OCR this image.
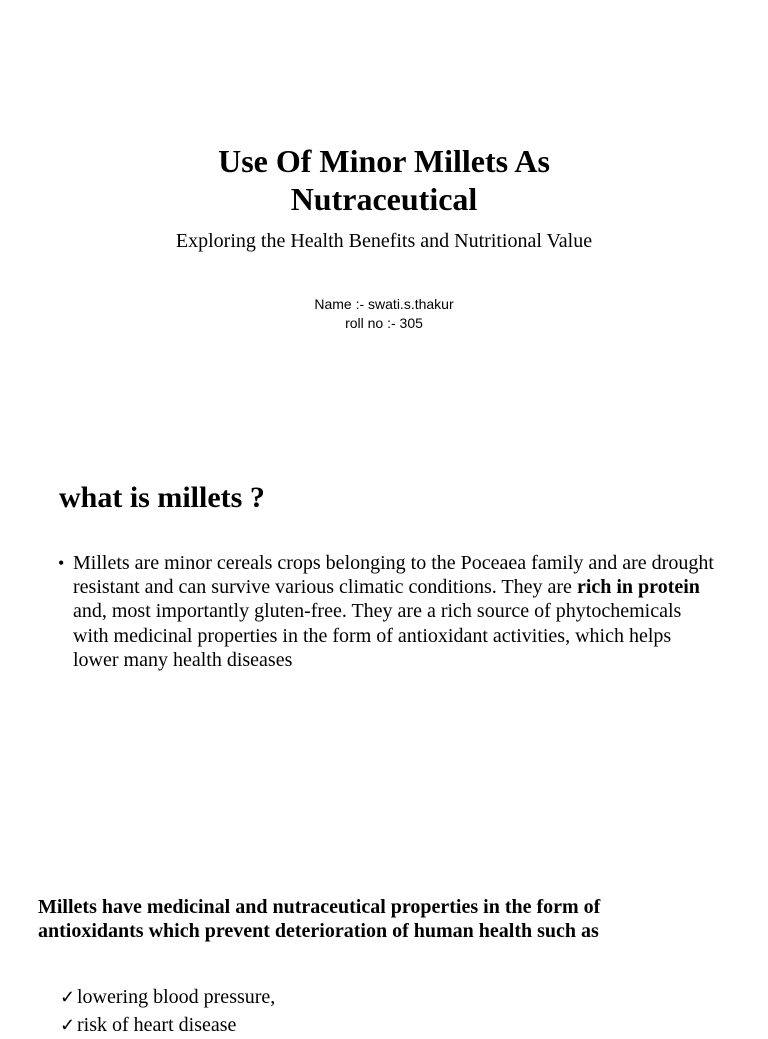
Use Of Minor Millets As
Nutraceutical
Exploring the Health Benefits and Nutritional Value
Name :- swati.s.thakur
roll no :- 305
what is millets ?
• Millets are minor cereals crops belonging to the Poceaea family and are drought resistant and can survive various climatic conditions. They are rich in protein and, most importantly gluten-free. They are a rich source of phytochemicals with medicinal properties in the form of antioxidant activities, which helps lower many health diseases
Millets have medicinal and nutraceutical properties in the form of antioxidants which prevent deterioration of human health such as
✓ lowering blood pressure,
✓ risk of heart disease
